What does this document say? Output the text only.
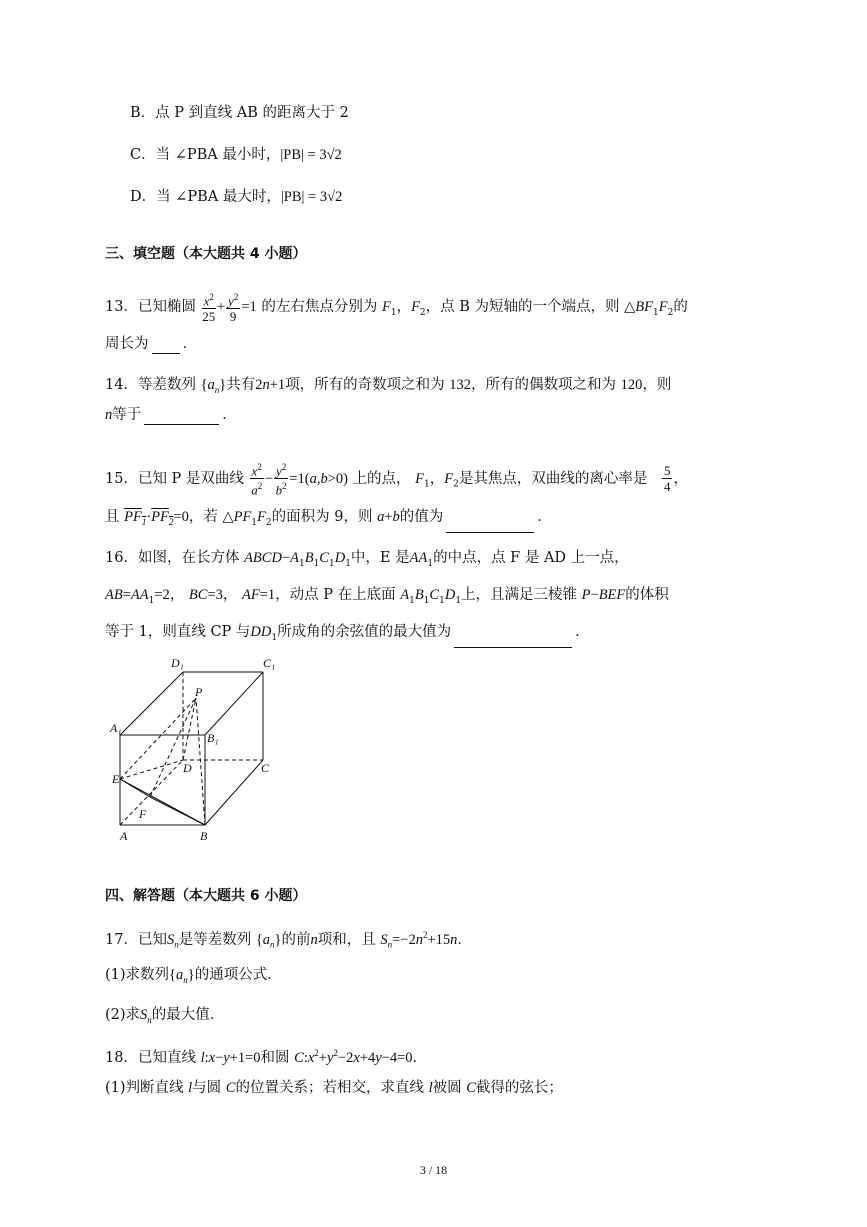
B．点 P 到直线 AB 的距离大于 2
C．当 ∠PBA 最小时，|PB| = 3√2
D．当 ∠PBA 最大时，|PB| = 3√2
三、填空题（本大题共 4 小题）
13．已知椭圆 $\frac{x^2}{25} + \frac{y^2}{9} =1$ 的左右焦点分别为 $F_1$，$F_2$，点 B 为短轴的一个端点，则 $\triangle BF_1F_2$的
周长为 ．
14．等差数列 $\{a_n\}$共有2n+1项，所有的奇数项之和为 132，所有的偶数项之和为 120，则
n等于	．
15．已知 P 是双曲线 $\frac{x^2}{a^2} - \frac{y^2}{b^2} =1(a,b>0)$ 上的点， $F_1$，$F_2$是其焦点，双曲线的离心率是 $\frac{5}{4}$ ，
且 $PF_1\cdot PF_2=0$，若 $\triangle PF_1F_2$的面积为 9，则 a+b的值为	．
16．如图，在长方体 $ABCD-A_1B_1C_1D_1$中，E 是$AA_1$的中点，点 F 是 AD 上一点，
$AB=AA_1=2$， BC=3， AF=1，动点 P 在上底面 $A_1B_1C_1D_1$上，且满足三棱锥 P−BEF的体积
等于 1，则直线 CP 与$DD_1$所成角的余弦值的最大值为	．
D₁	C₁
P
A₁
B₁
D	C
E
F
A	B
四、解答题（本大题共 6 小题）
17．已知$S_n$是等差数列 $\{a_n\}$的前n项和，且 $S_n=-2n^2+15n$．
(1)求数列$\{a_n\}$的通项公式．
(2)求$S_n$的最大值．
18．已知直线 l:x−y+1=0和圆 $C:x^2+y^2-2x+4y-4=0$．
(1)判断直线 l与圆 C的位置关系；若相交，求直线 l被圆 C截得的弦长；
3 / 18
